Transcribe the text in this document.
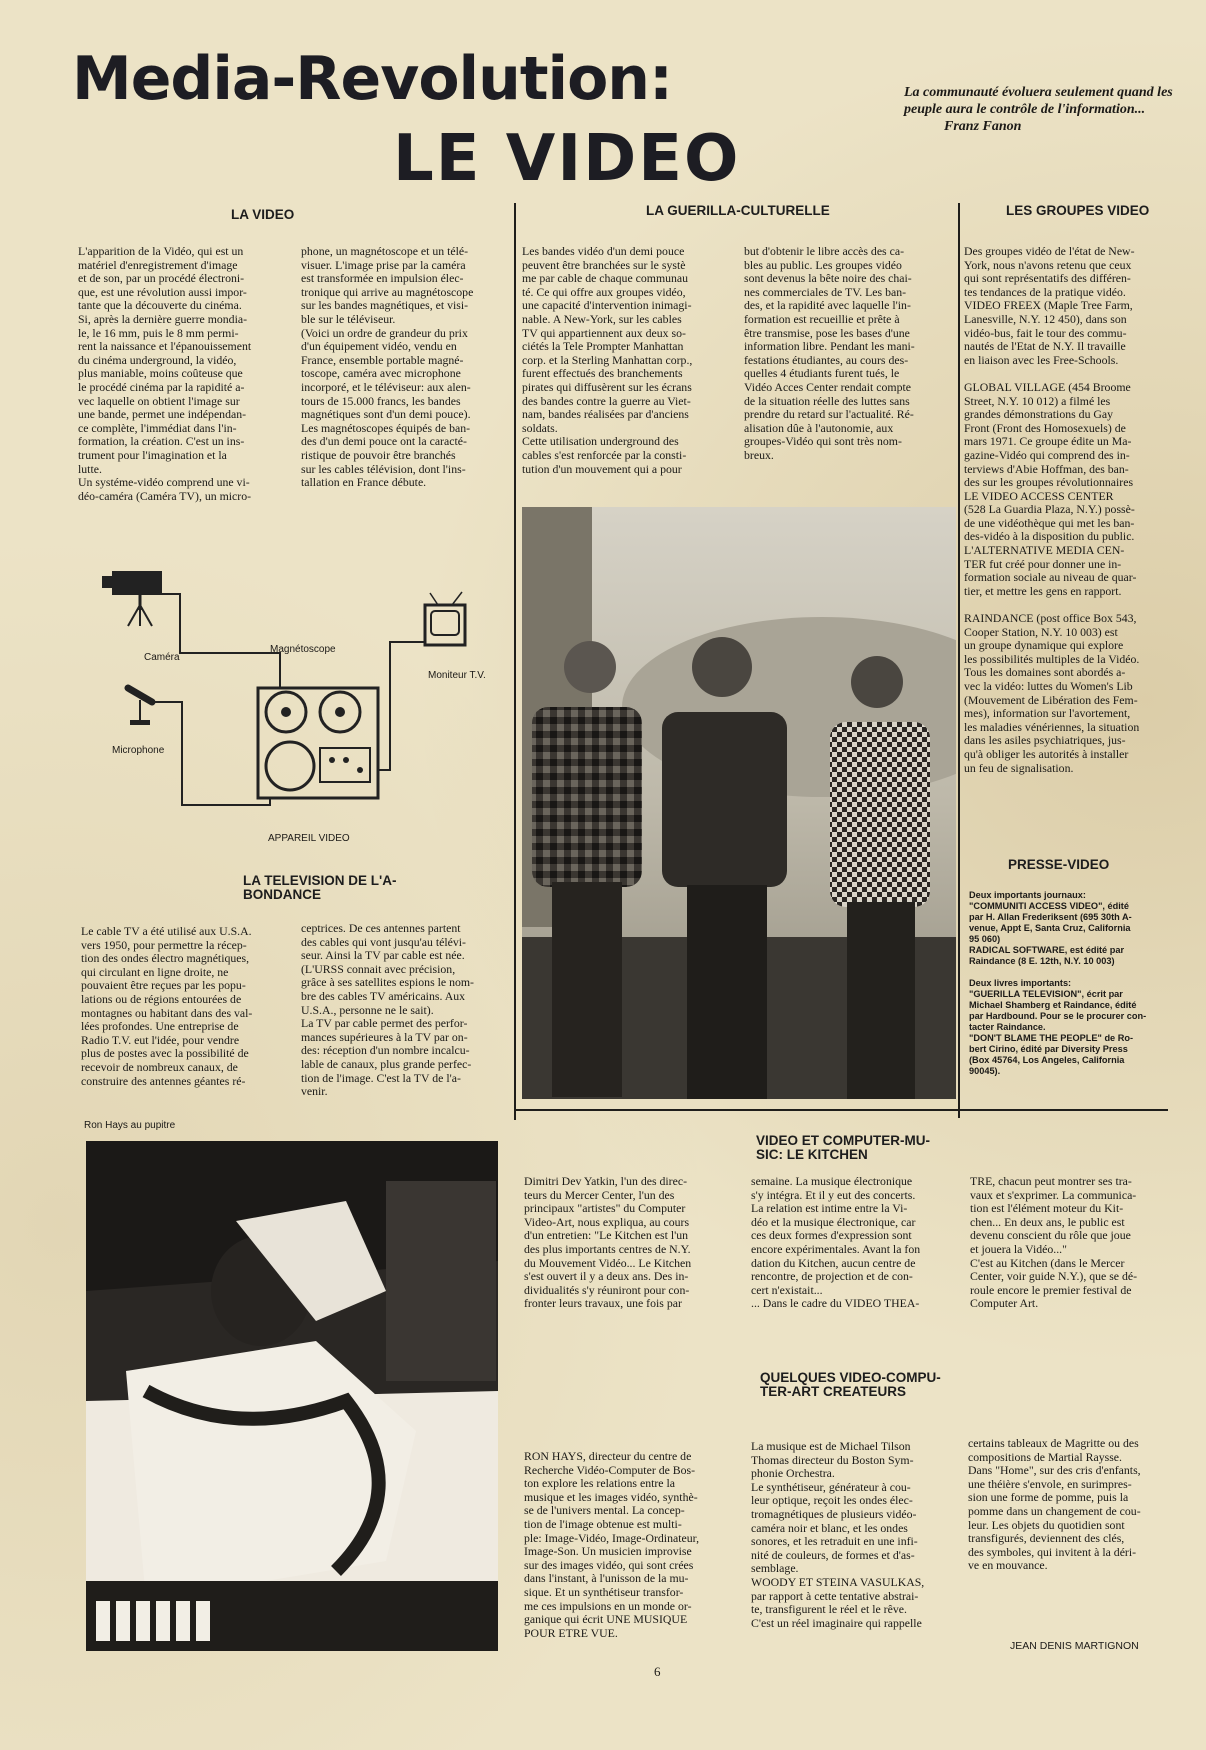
Media-Revolution:
LE VIDEO
La communauté évoluera seulement quand les peuple aura le contrôle de l'information... Franz Fanon
LA VIDEO
L'apparition de la Vidéo, qui est un
matériel d'enregistrement d'image
et de son, par un procédé électroni-
que, est une révolution aussi impor-
tante que la découverte du cinéma.
Si, après la dernière guerre mondia-
le, le 16 mm, puis le 8 mm permi-
rent la naissance et l'épanouissement
du cinéma underground, la vidéo,
plus maniable, moins coûteuse que
le procédé cinéma par la rapidité a-
vec laquelle on obtient l'image sur
une bande, permet une indépendan-
ce complète, l'immédiat dans l'in-
formation, la création. C'est un ins-
trument pour l'imagination et la
lutte.
Un systéme-vidéo comprend une vi-
déo-caméra (Caméra TV), un micro-
phone, un magnétoscope et un télé-
visuer. L'image prise par la caméra
est transformée en impulsion élec-
tronique qui arrive au magnétoscope
sur les bandes magnétiques, et visi-
ble sur le téléviseur.
(Voici un ordre de grandeur du prix
d'un équipement vidéo, vendu en
France, ensemble portable magné-
toscope, caméra avec microphone
incorporé, et le téléviseur: aux alen-
tours de 15.000 francs, les bandes
magnétiques sont d'un demi pouce).
Les magnétoscopes équipés de ban-
des d'un demi pouce ont la caracté-
ristique de pouvoir être branchés
sur les cables télévision, dont l'ins-
tallation en France débute.
Caméra
Magnétoscope
Moniteur T.V.
Microphone
APPAREIL VIDEO
LA TELEVISION DE L'A-
BONDANCE
Le cable TV a été utilisé aux U.S.A.
vers 1950, pour permettre la récep-
tion des ondes électro magnétiques,
qui circulant en ligne droite, ne
pouvaient être reçues par les popu-
lations ou de régions entourées de
montagnes ou habitant dans des val-
lées profondes. Une entreprise de
Radio T.V. eut l'idée, pour vendre
plus de postes avec la possibilité de
recevoir de nombreux canaux, de
construire des antennes géantes ré-
ceptrices. De ces antennes partent
des cables qui vont jusqu'au télévi-
seur. Ainsi la TV par cable est née.
(L'URSS connait avec précision,
grâce à ses satellites espions le nom-
bre des cables TV américains. Aux
U.S.A., personne ne le sait).
La TV par cable permet des perfor-
mances supérieures à la TV par on-
des: réception d'un nombre incalcu-
lable de canaux, plus grande perfec-
tion de l'image. C'est la TV de l'a-
venir.
LA GUERILLA-CULTURELLE
Les bandes vidéo d'un demi pouce
peuvent être branchées sur le systè
me par cable de chaque communau
té. Ce qui offre aux groupes vidéo,
une capacité d'intervention inimagi-
nable. A New-York, sur les cables
TV qui appartiennent aux deux so-
ciétés la Tele Prompter Manhattan
corp. et la Sterling Manhattan corp.,
furent effectués des branchements
pirates qui diffusèrent sur les écrans
des bandes contre la guerre au Viet-
nam, bandes réalisées par d'anciens
soldats.
Cette utilisation underground des
cables s'est renforcée par la consti-
tution d'un mouvement qui a pour
but d'obtenir le libre accès des ca-
bles au public. Les groupes vidéo
sont devenus la bête noire des chai-
nes commerciales de TV. Les ban-
des, et la rapidité avec laquelle l'in-
formation est recueillie et prête à
être transmise, pose les bases d'une
information libre. Pendant les mani-
festations étudiantes, au cours des-
quelles 4 étudiants furent tués, le
Vidéo Acces Center rendait compte
de la situation réelle des luttes sans
prendre du retard sur l'actualité. Ré-
alisation dûe à l'autonomie, aux
groupes-Vidéo qui sont très nom-
breux.
LES GROUPES VIDEO
Des groupes vidéo de l'état de New-
York, nous n'avons retenu que ceux
qui sont représentatifs des différen-
tes tendances de la pratique vidéo.
VIDEO FREEX (Maple Tree Farm,
Lanesville, N.Y. 12 450), dans son
vidéo-bus, fait le tour des commu-
nautés de l'Etat de N.Y. Il travaille
en liaison avec les Free-Schools.

GLOBAL VILLAGE (454 Broome
Street, N.Y. 10 012) a filmé les
grandes démonstrations du Gay
Front (Front des Homosexuels) de
mars 1971. Ce groupe édite un Ma-
gazine-Vidéo qui comprend des in-
terviews d'Abie Hoffman, des ban-
des sur les groupes révolutionnaires
LE VIDEO ACCESS CENTER
(528 La Guardia Plaza, N.Y.) possè-
de une vidéothèque qui met les ban-
des-vidéo à la disposition du public.
L'ALTERNATIVE MEDIA CEN-
TER fut créé pour donner une in-
formation sociale au niveau de quar-
tier, et mettre les gens en rapport.

RAINDANCE (post office Box 543,
Cooper Station, N.Y. 10 003) est
un groupe dynamique qui explore
les possibilités multiples de la Vidéo.
Tous les domaines sont abordés a-
vec la vidéo: luttes du Women's Lib
(Mouvement de Libération des Fem-
mes), information sur l'avortement,
les maladies vénériennes, la situation
dans les asiles psychiatriques, jus-
qu'à obliger les autorités à installer
un feu de signalisation.
PRESSE-VIDEO
Deux importants journaux:
"COMMUNITI ACCESS VIDEO", édité
par H. Allan Frederiksent (695 30th A-
venue, Appt E, Santa Cruz, California
95 060)
RADICAL SOFTWARE, est édité par
Raindance (8 E. 12th, N.Y. 10 003)
Deux livres importants:
"GUERILLA TELEVISION", écrit par
Michael Shamberg et Raindance, édité
par Hardbound. Pour se le procurer con-
tacter Raindance.
"DON'T BLAME THE PEOPLE" de Ro-
bert Cirino, édité par Diversity Press
(Box 45764, Los Angeles, California
90045).
Ron Hays au pupitre
VIDEO ET COMPUTER-MU-
SIC: LE KITCHEN
Dimitri Dev Yatkin, l'un des direc-
teurs du Mercer Center, l'un des
principaux "artistes" du Computer
Video-Art, nous expliqua, au cours
d'un entretien: "Le Kitchen est l'un
des plus importants centres de N.Y.
du Mouvement Vidéo... Le Kitchen
s'est ouvert il y a deux ans. Des in-
dividualités s'y réuniront pour con-
fronter leurs travaux, une fois par
semaine. La musique électronique
s'y intégra. Et il y eut des concerts.
La relation est intime entre la Vi-
déo et la musique électronique, car
ces deux formes d'expression sont
encore expérimentales. Avant la fon
dation du Kitchen, aucun centre de
rencontre, de projection et de con-
cert n'existait...
... Dans le cadre du VIDEO THEA-
TRE, chacun peut montrer ses tra-
vaux et s'exprimer. La communica-
tion est l'élément moteur du Kit-
chen... En deux ans, le public est
devenu conscient du rôle que joue
et jouera la Vidéo..."
C'est au Kitchen (dans le Mercer
Center, voir guide N.Y.), que se dé-
roule encore le premier festival de
Computer Art.
QUELQUES VIDEO-COMPU-
TER-ART CREATEURS
RON HAYS, directeur du centre de
Recherche Vidéo-Computer de Bos-
ton explore les relations entre la
musique et les images vidéo, synthè-
se de l'univers mental. La concep-
tion de l'image obtenue est multi-
ple: Image-Vidéo, Image-Ordinateur,
Image-Son. Un musicien improvise
sur des images vidéo, qui sont crées
dans l'instant, à l'unisson de la mu-
sique. Et un synthétiseur transfor-
me ces impulsions en un monde or-
ganique qui écrit UNE MUSIQUE
POUR ETRE VUE.
La musique est de Michael Tilson
Thomas directeur du Boston Sym-
phonie Orchestra.
Le synthétiseur, générateur à cou-
leur optique, reçoit les ondes élec-
tromagnétiques de plusieurs vidéo-
caméra noir et blanc, et les ondes
sonores, et les retraduit en une infi-
nité de couleurs, de formes et d'as-
semblage.
WOODY ET STEINA VASULKAS,
par rapport à cette tentative abstrai-
te, transfigurent le réel et le rêve.
C'est un réel imaginaire qui rappelle
certains tableaux de Magritte ou des
compositions de Martial Raysse.
Dans "Home", sur des cris d'enfants,
une théière s'envole, en surimpres-
sion une forme de pomme, puis la
pomme dans un changement de cou-
leur. Les objets du quotidien sont
transfigurés, deviennent des clés,
des symboles, qui invitent à la déri-
ve en mouvance.
JEAN DENIS MARTIGNON
6
